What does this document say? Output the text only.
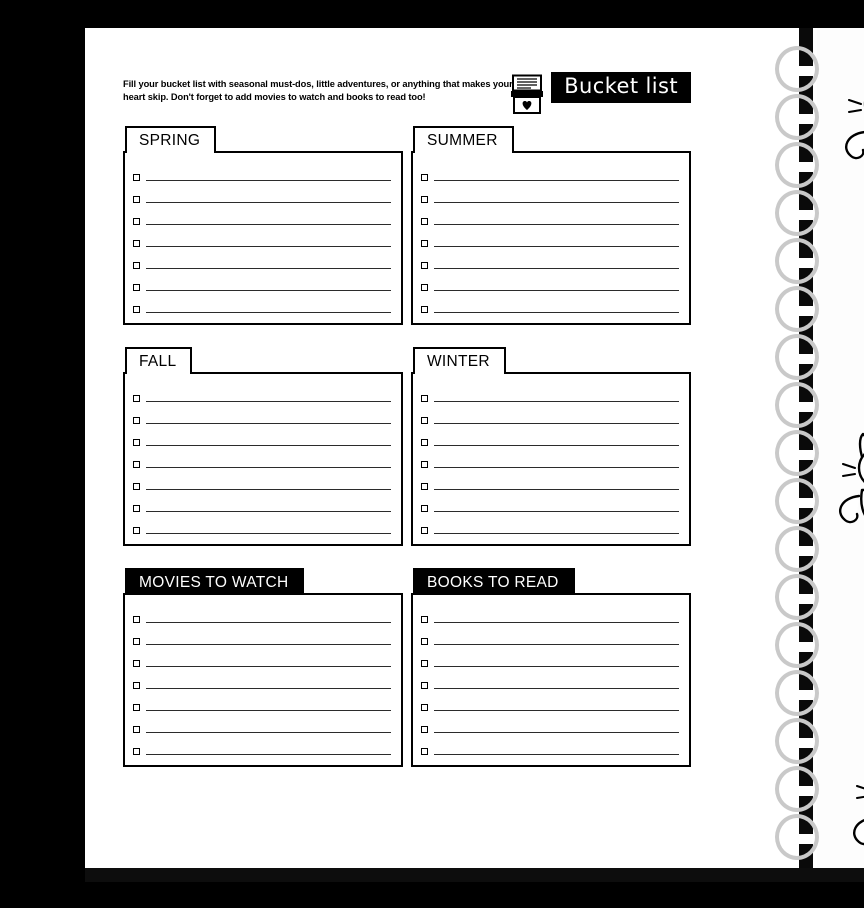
Fill your bucket list with seasonal must-dos, little adventures, or anything that makes your heart skip. Don't forget to add movies to watch and books to read too!	Bucket list
SPRING	SUMMER
FALL	WINTER
MOVIES TO WATCH	BOOKS TO READ
